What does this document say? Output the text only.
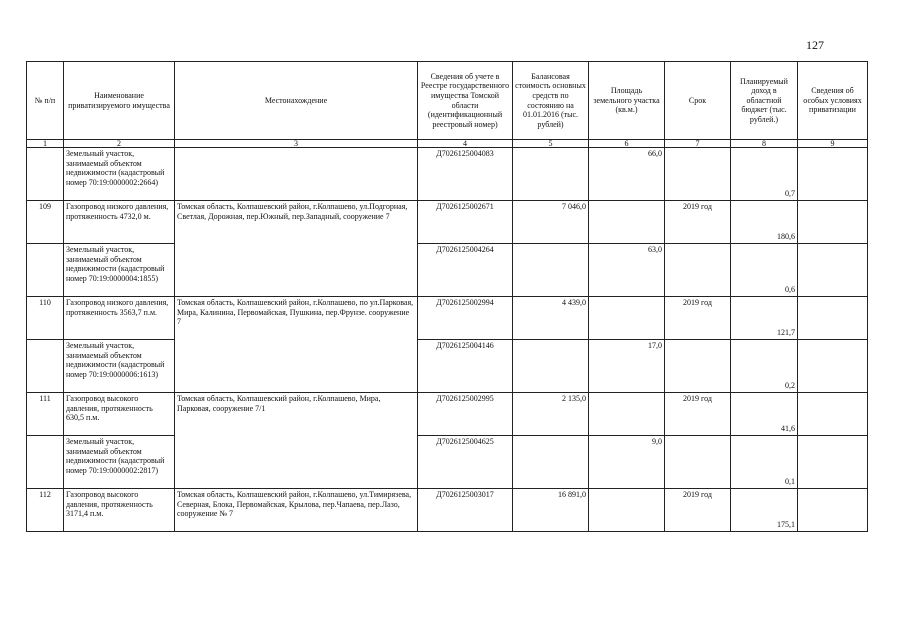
127
№ п/п	Наименование приватизируемого имущества	Местонахождение	Сведения об учете в Реестре государственного имущества Томской области (идентификационный реестровый номер)	Балансовая стоимость основных средств по состоянию на 01.01.2016 (тыс. рублей)	Площадь земельного участка (кв.м.)	Срок	Планируемый доход в областной бюджет (тыс. рублей.)	Сведения об особых условиях приватизации
1	2	3	4	5	6	7	8	9
	Земельный участок, занимаемый объектом недвижимости (кадастровый номер 70:19:0000002:2664)		Д7026125004083		66,0		0,7	
109	Газопровод низкого давления, протяженность 4732,0 м.	Томская область, Колпашевский район, г.Колпашево, ул.Подгорная, Светлая, Дорожная, пер.Южный, пер.Западный, сооружение 7	Д7026125002671	7 046,0		2019 год	180,6	
	Земельный участок, занимаемый объектом недвижимости (кадастровый номер 70:19:0000004:1855)		Д7026125004264		63,0		0,6	
110	Газопровод низкого давления, протяженность 3563,7 п.м.	Томская область, Колпашевский район, г.Колпашево, по ул.Парковая, Мира, Калинина, Первомайская, Пушкина, пер.Фрунзе. сооружение 7	Д7026125002994	4 439,0		2019 год	121,7	
	Земельный участок, занимаемый объектом недвижимости (кадастровый номер 70:19:0000006:1613)		Д7026125004146		17,0		0,2	
111	Газопровод высокого давления, протяженность 630,5 п.м.	Томская область, Колпашевский район, г.Колпашево, Мира, Парковая, сооружение 7/1	Д7026125002995	2 135,0		2019 год	41,6	
	Земельный участок, занимаемый объектом недвижимости (кадастровый номер 70:19:0000002:2817)		Д7026125004625		9,0		0,1	
112	Газопровод высокого давления, протяженность 3171,4 п.м.	Томская область, Колпашевский район, г.Колпашево, ул.Тимирязева, Северная, Блока, Первомайская, Крылова, пер.Чапаева, пер.Лазо, сооружение № 7	Д7026125003017	16 891,0		2019 год	175,1	
